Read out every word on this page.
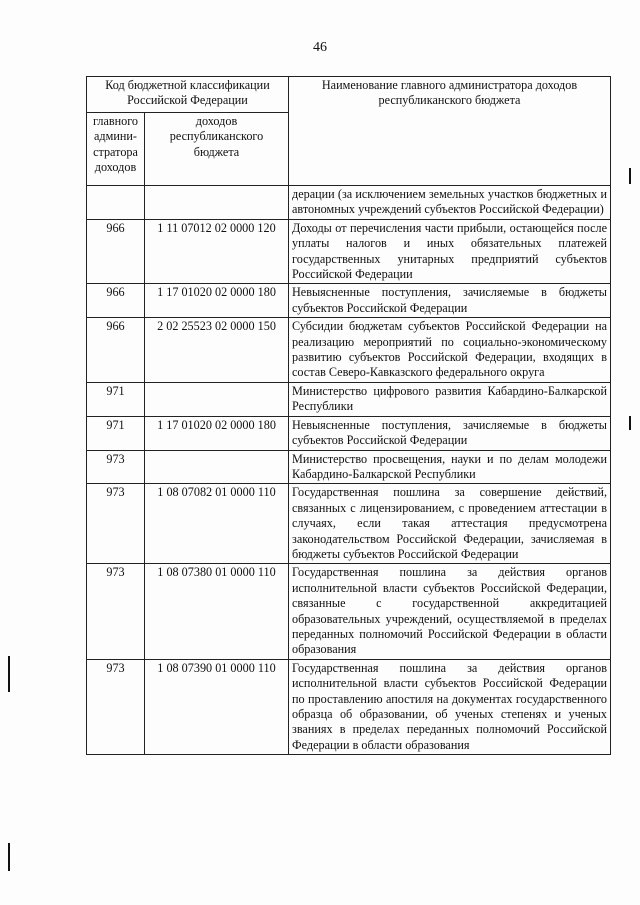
46
Код бюджетной классификации Российской Федерации		Наименование главного администратора доходов республиканского бюджета
главного админи-стратора доходов	доходов республиканского бюджета	
		дерации (за исключением земельных участков бюджетных и автономных учреждений субъектов Российской Федерации)
966	1 11 07012 02 0000 120	Доходы от перечисления части прибыли, остающейся после уплаты налогов и иных обязательных платежей государственных унитарных предприятий субъектов Российской Федерации
966	1 17 01020 02 0000 180	Невыясненные поступления, зачисляемые в бюджеты субъектов Российской Федерации
966	2 02 25523 02 0000 150	Субсидии бюджетам субъектов Российской Федерации на реализацию мероприятий по социально-экономическому развитию субъектов Российской Федерации, входящих в состав Северо-Кавказского федерального округа
971		Министерство цифрового развития Кабардино-Балкарской Республики
971	1 17 01020 02 0000 180	Невыясненные поступления, зачисляемые в бюджеты субъектов Российской Федерации
973		Министерство просвещения, науки и по делам молодежи Кабардино-Балкарской Республики
973	1 08 07082 01 0000 110	Государственная пошлина за совершение действий, связанных с лицензированием, с проведением аттестации в случаях, если такая аттестация предусмотрена законодательством Российской Федерации, зачисляемая в бюджеты субъектов Российской Федерации
973	1 08 07380 01 0000 110	Государственная пошлина за действия органов исполнительной власти субъектов Российской Федерации, связанные с государственной аккредитацией образовательных учреждений, осуществляемой в пределах переданных полномочий Российской Федерации в области образования
973	1 08 07390 01 0000 110	Государственная пошлина за действия органов исполнительной власти субъектов Российской Федерации по проставлению апостиля на документах государственного образца об образовании, об ученых степенях и ученых званиях в пределах переданных полномочий Российской Федерации в области образования
